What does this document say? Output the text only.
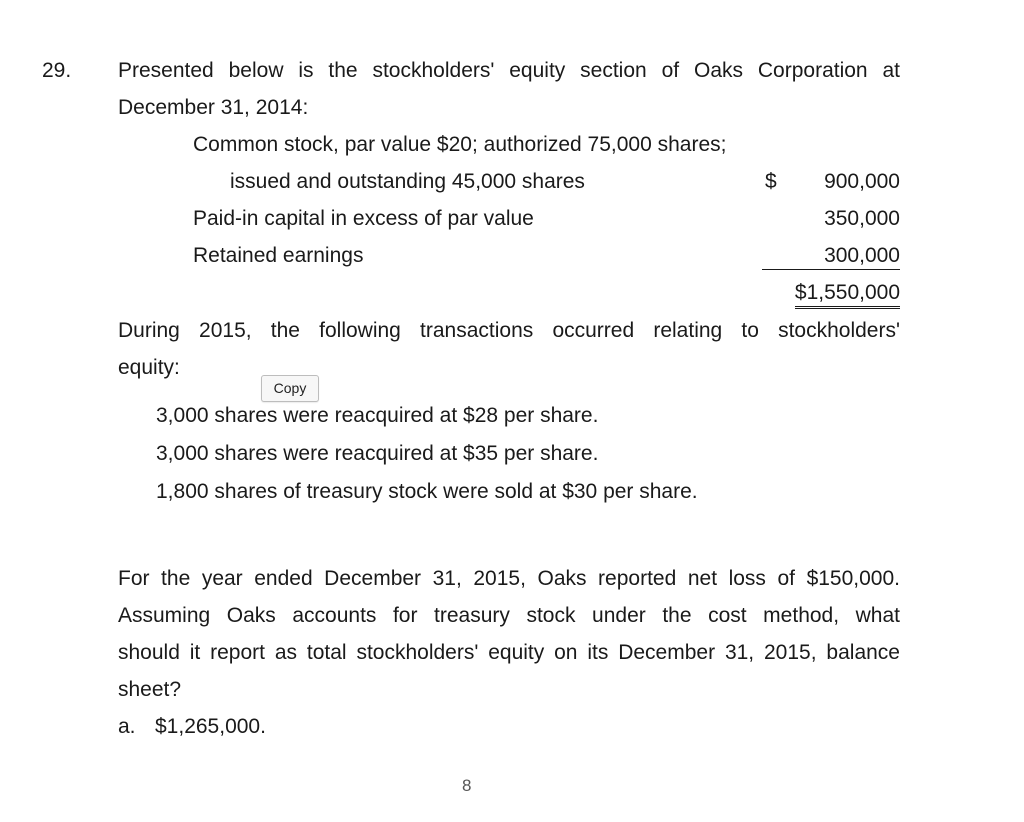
29. Presented below is the stockholders' equity section of Oaks Corporation at
December 31, 2014:
Common stock, par value $20; authorized 75,000 shares;
issued and outstanding 45,000 shares	$ 900,000
Paid-in capital in excess of par value	350,000
Retained earnings	300,000
$1,550,000
During 2015, the following transactions occurred relating to stockholders'
equity:
Copy
3,000 shares were reacquired at $28 per share.
3,000 shares were reacquired at $35 per share.
1,800 shares of treasury stock were sold at $30 per share.
For the year ended December 31, 2015, Oaks reported net loss of $150,000.
Assuming Oaks accounts for treasury stock under the cost method, what
should it report as total stockholders' equity on its December 31, 2015, balance
sheet?
a. $1,265,000.
8
